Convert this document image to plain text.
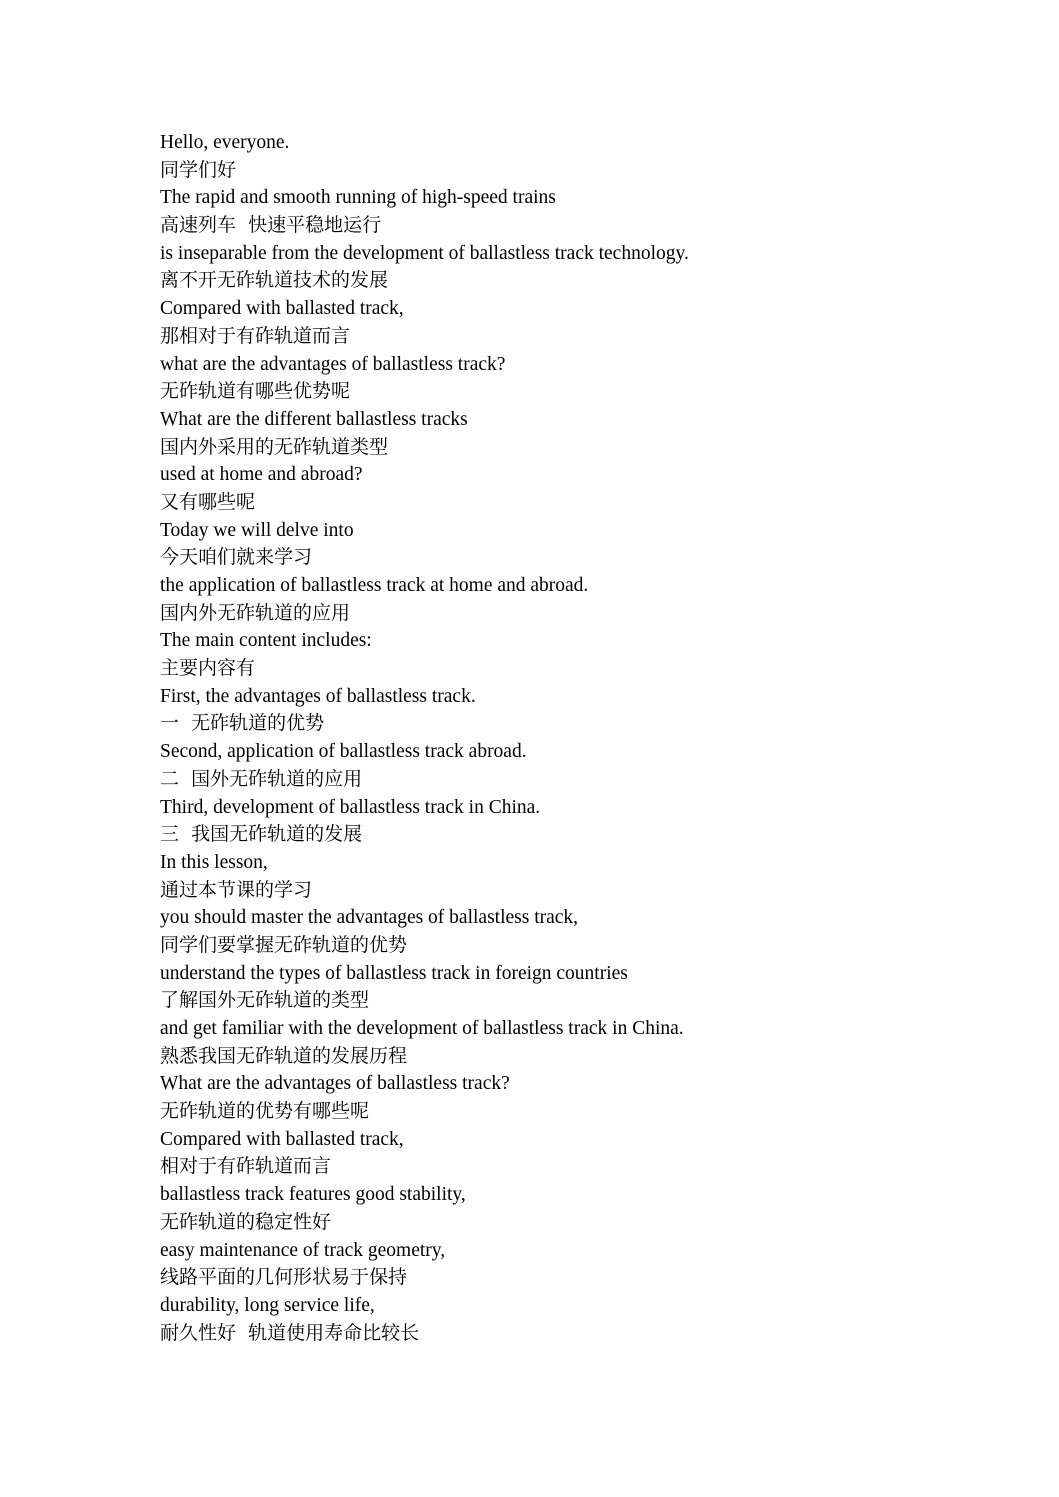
Hello, everyone.
同学们好
The rapid and smooth running of high-speed trains
高速列车  快速平稳地运行
is inseparable from the development of ballastless track technology.
离不开无砟轨道技术的发展
Compared with ballasted track,
那相对于有砟轨道而言
what are the advantages of ballastless track?
无砟轨道有哪些优势呢
What are the different ballastless tracks
国内外采用的无砟轨道类型
used at home and abroad?
又有哪些呢
Today we will delve into
今天咱们就来学习
the application of ballastless track at home and abroad.
国内外无砟轨道的应用
The main content includes:
主要内容有
First, the advantages of ballastless track.
一  无砟轨道的优势
Second, application of ballastless track abroad.
二  国外无砟轨道的应用
Third, development of ballastless track in China.
三  我国无砟轨道的发展
In this lesson,
通过本节课的学习
you should master the advantages of ballastless track,
同学们要掌握无砟轨道的优势
understand the types of ballastless track in foreign countries
了解国外无砟轨道的类型
and get familiar with the development of ballastless track in China.
熟悉我国无砟轨道的发展历程
What are the advantages of ballastless track?
无砟轨道的优势有哪些呢
Compared with ballasted track,
相对于有砟轨道而言
ballastless track features good stability,
无砟轨道的稳定性好
easy maintenance of track geometry,
线路平面的几何形状易于保持
durability, long service life,
耐久性好  轨道使用寿命比较长
